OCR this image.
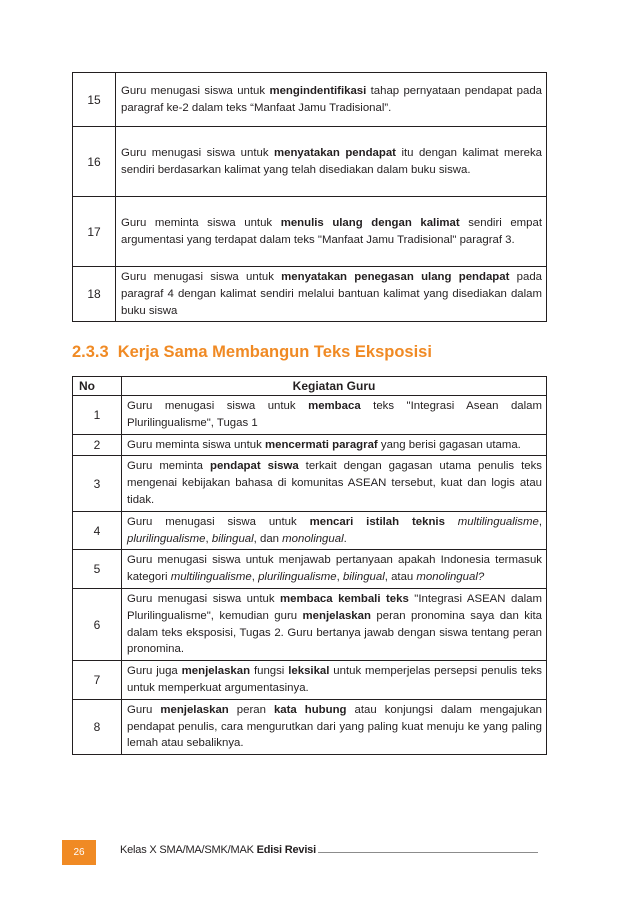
15	Guru menugasi siswa untuk mengindentifikasi tahap pernyataan pendapat pada paragraf ke-2 dalam teks “Manfaat Jamu Tradisional”.
16	Guru menugasi siswa untuk menyatakan pendapat itu dengan kalimat mereka sendiri berdasarkan kalimat yang telah disediakan dalam buku siswa.
17	Guru meminta siswa untuk menulis ulang dengan kalimat sendiri empat argumentasi yang terdapat dalam teks "Manfaat Jamu Tradisional" paragraf 3.
18	Guru menugasi siswa untuk menyatakan penegasan ulang pendapat pada paragraf 4 dengan kalimat sendiri melalui bantuan kalimat yang disediakan dalam buku siswa
2.3.3 Kerja Sama Membangun Teks Eksposisi
No	Kegiatan Guru
1	Guru menugasi siswa untuk membaca teks "Integrasi Asean dalam Plurilingualisme", Tugas 1
2	Guru meminta siswa untuk mencermati paragraf yang berisi gagasan utama.
3	Guru meminta pendapat siswa terkait dengan gagasan utama penulis teks mengenai kebijakan bahasa di komunitas ASEAN tersebut, kuat dan logis atau tidak.
4	Guru menugasi siswa untuk mencari istilah teknis multilingualisme, plurilingualisme, bilingual, dan monolingual.
5	Guru menugasi siswa untuk menjawab pertanyaan apakah Indonesia termasuk kategori multilingualisme, plurilingualisme, bilingual, atau monolingual?
6	Guru menugasi siswa untuk membaca kembali teks "Integrasi ASEAN dalam Plurilingualisme", kemudian guru menjelaskan peran pronomina saya dan kita dalam teks eksposisi, Tugas 2. Guru bertanya jawab dengan siswa tentang peran pronomina.
7	Guru juga menjelaskan fungsi leksikal untuk memperjelas persepsi penulis teks untuk memperkuat argumentasinya.
8	Guru menjelaskan peran kata hubung atau konjungsi dalam mengajukan pendapat penulis, cara mengurutkan dari yang paling kuat menuju ke yang paling lemah atau sebaliknya.
26	Kelas X SMA/MA/SMK/MAK Edisi Revisi
